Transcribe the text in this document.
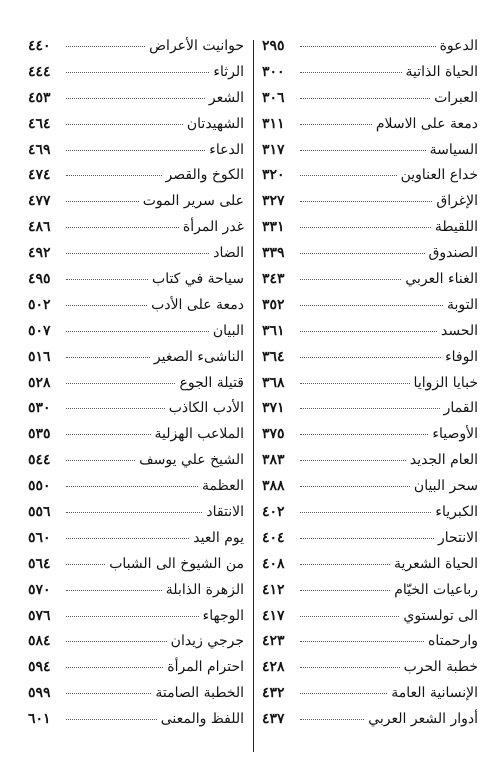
الدعوة
٢٩٥
الحياة الذاتية
٣٠٠
العبرات
٣٠٦
دمعة على الاسلام
٣١١
السياسة
٣١٧
خداع العناوين
٣٢٠
الإغراق
٣٢٧
اللقيطة
٣٣١
الصندوق
٣٣٩
الغناء العربي
٣٤٣
التوبة
٣٥٢
الحسد
٣٦١
الوفاء
٣٦٤
خبايا الزوايا
٣٦٨
القمار
٣٧١
الأوصياء
٣٧٥
العام الجديد
٣٨٣
سحر البيان
٣٨٨
الكبرياء
٤٠٢
الانتحار
٤٠٤
الحياة الشعرية
٤٠٨
رباعيات الخيّام
٤١٢
الى تولستوي
٤١٧
وارحمتاه
٤٢٣
خطبة الحرب
٤٢٨
الإنسانية العامة
٤٣٢
أدوار الشعر العربي
٤٣٧
حوانيت الأعراض
٤٤٠
الرثاء
٤٤٤
الشعر
٤٥٣
الشهيدتان
٤٦٤
الدعاء
٤٦٩
الكوخ والقصر
٤٧٤
على سرير الموت
٤٧٧
غدر المرأة
٤٨٦
الضاد
٤٩٢
سياحة في كتاب
٤٩٥
دمعة على الأدب
٥٠٢
البيان
٥٠٧
الناشىء الصغير
٥١٦
قتيلة الجوع
٥٢٨
الأدب الكاذب
٥٣٠
الملاعب الهزلية
٥٣٥
الشيخ علي يوسف
٥٤٤
العظمة
٥٥٠
الانتقاد
٥٥٦
يوم العيد
٥٦٠
من الشيوخ الى الشباب
٥٦٤
الزهرة الذابلة
٥٧٠
الوجهاء
٥٧٦
جرجي زيدان
٥٨٤
احترام المرأة
٥٩٤
الخطبة الصامتة
٥٩٩
اللفظ والمعنى
٦٠١
